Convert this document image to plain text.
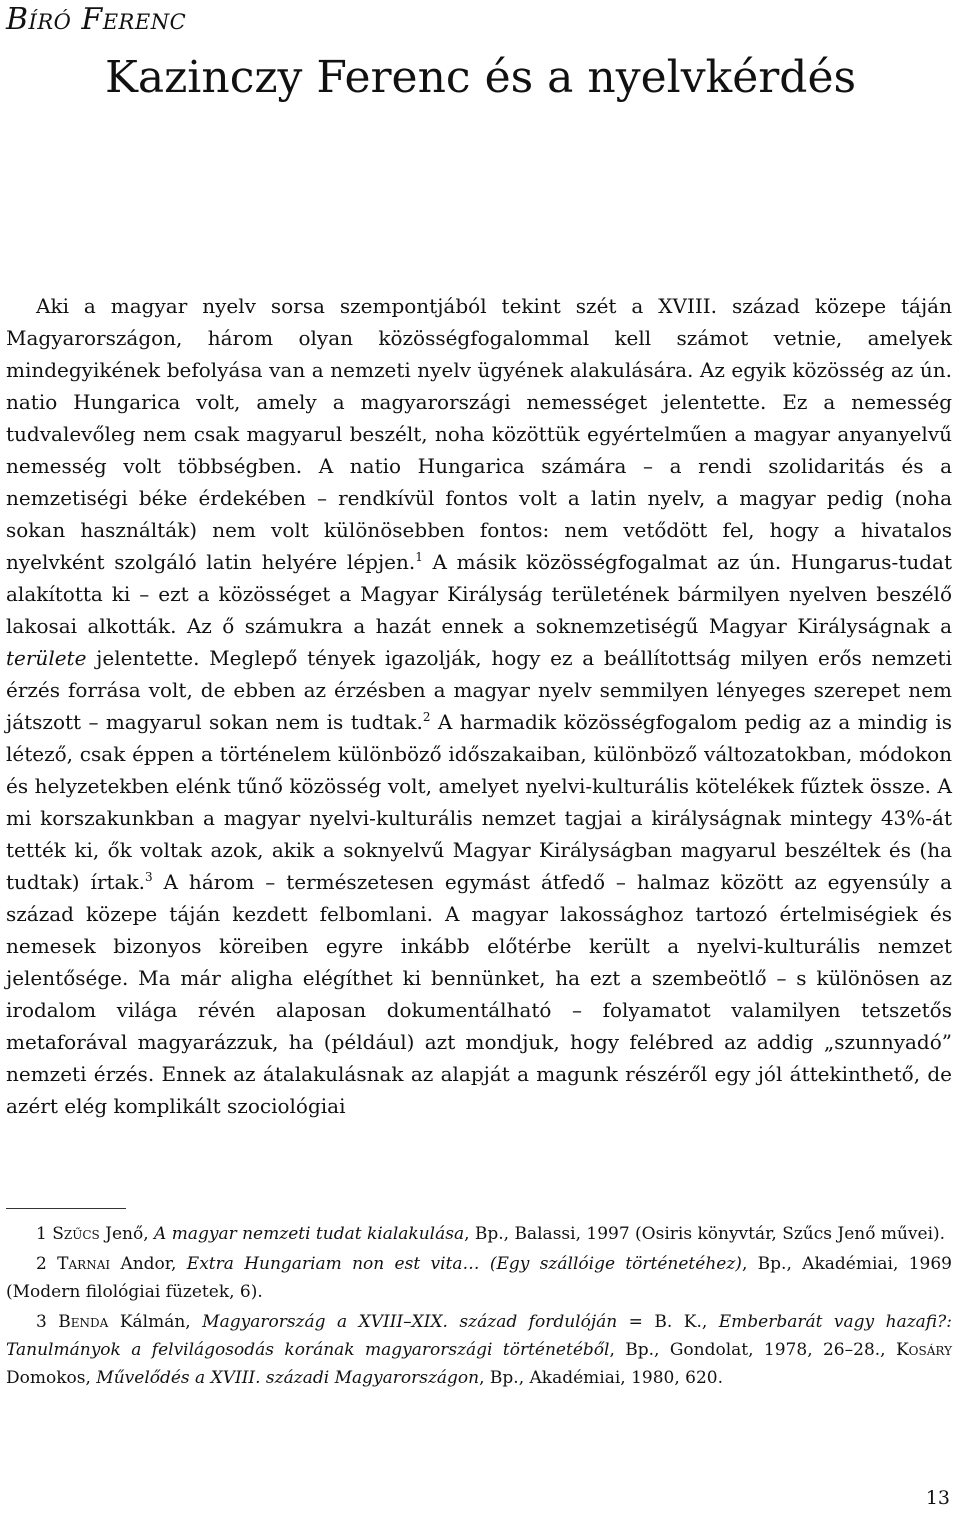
Bíró Ferenc
Kazinczy Ferenc és a nyelvkérdés

Aki a magyar nyelv sorsa szempontjából tekint szét a XVIII. század közepe táján Magyarországon, három olyan közösségfogalommal kell számot vetnie, amelyek mindegyikének befolyása van a nemzeti nyelv ügyének alakulására. Az egyik közösség az ún. natio Hungarica volt, amely a magyarországi nemességet jelentette. Ez a nemesség tudvalevőleg nem csak magyarul beszélt, noha közöttük egyértelműen a magyar anyanyelvű nemesség volt többségben. A natio Hungarica számára – a rendi szolidaritás és a nemzetiségi béke érdekében – rendkívül fontos volt a latin nyelv, a magyar pedig (noha sokan használták) nem volt különösebben fontos: nem vetődött fel, hogy a hivatalos nyelvként szolgáló latin helyére lépjen.$^1$ A másik közösségfogalmat az ún. Hungarus-tudat alakította ki – ezt a közösséget a Magyar Királyság területének bármilyen nyelven beszélő lakosai alkották. Az ő számukra a hazát ennek a soknemzetiségű Magyar Királyságnak a területe jelentette. Meglepő tények igazolják, hogy ez a beállítottság milyen erős nemzeti érzés forrása volt, de ebben az érzésben a magyar nyelv semmilyen lényeges szerepet nem játszott – magyarul sokan nem is tudtak.$^2$ A harmadik közösségfogalom pedig az a mindig is létező, csak éppen a történelem különböző időszakaiban, különböző változatokban, módokon és helyzetekben elénk tűnő közösség volt, amelyet nyelvi-kulturális kötelékek fűztek össze. A mi korszakunkban a magyar nyelvi-kulturális nemzet tagjai a királyságnak mintegy 43%-át tették ki, ők voltak azok, akik a soknyelvű Magyar Királyságban magyarul beszéltek és (ha tudtak) írtak.$^3$ A három – természetesen egymást átfedő – halmaz között az egyensúly a század közepe táján kezdett felbomlani. A magyar lakossághoz tartozó értelmiségiek és nemesek bizonyos köreiben egyre inkább előtérbe került a nyelvi-kulturális nemzet jelentősége. Ma már aligha elégíthet ki bennünket, ha ezt a szembeötlő – s különösen az irodalom világa révén alaposan dokumentálható – folyamatot valamilyen tetszetős metaforával magyarázzuk, ha (például) azt mondjuk, hogy felébred az addig „szunnyadó” nemzeti érzés. Ennek az átalakulásnak az alapját a magunk részéről egy jól áttekinthető, de azért elég komplikált szociológiai

1 Szűcs Jenő, A magyar nemzeti tudat kialakulása, Bp., Balassi, 1997 (Osiris könyvtár, Szűcs Jenő művei).

2 Tarnai Andor, Extra Hungariam non est vita… (Egy szállóige történetéhez), Bp., Akadémiai, 1969 (Modern filológiai füzetek, 6).

3 Benda Kálmán, Magyarország a XVIII–XIX. század fordulóján = B. K., Emberbarát vagy hazafi?: Tanulmányok a felvilágosodás korának magyarországi történetéből, Bp., Gondolat, 1978, 26–28., Kosáry Domokos, Művelődés a XVIII. századi Magyarországon, Bp., Akadémiai, 1980, 620.

13
